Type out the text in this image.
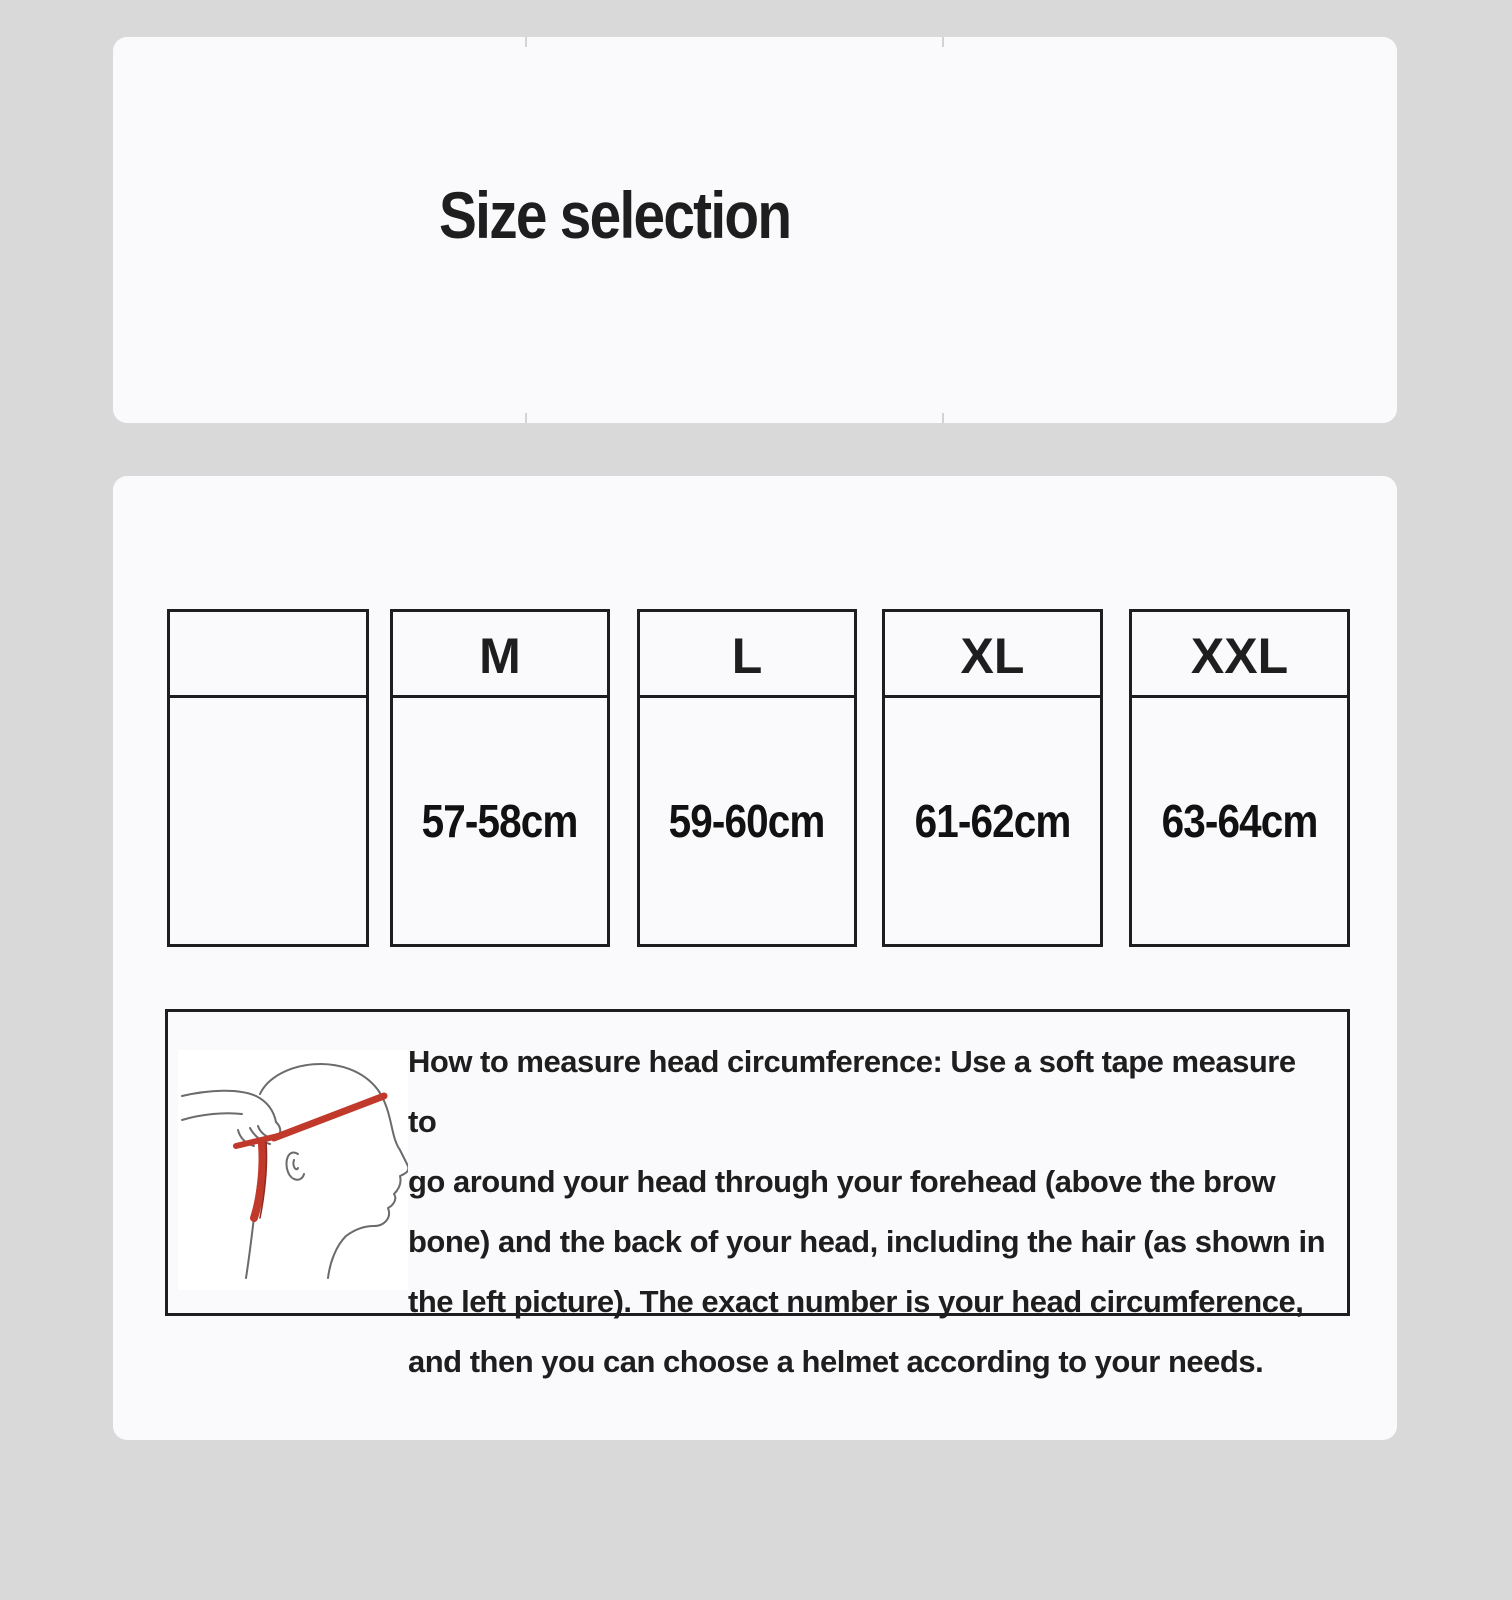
Size selection
M
57-58cm
L
59-60cm
XL
61-62cm
XXL
63-64cm

How to measure head circumference: Use a soft tape measure to
go around your head through your forehead (above the brow
bone) and the back of your head, including the hair (as shown in
the left picture). The exact number is your head circumference,
and then you can choose a helmet according to your needs.
